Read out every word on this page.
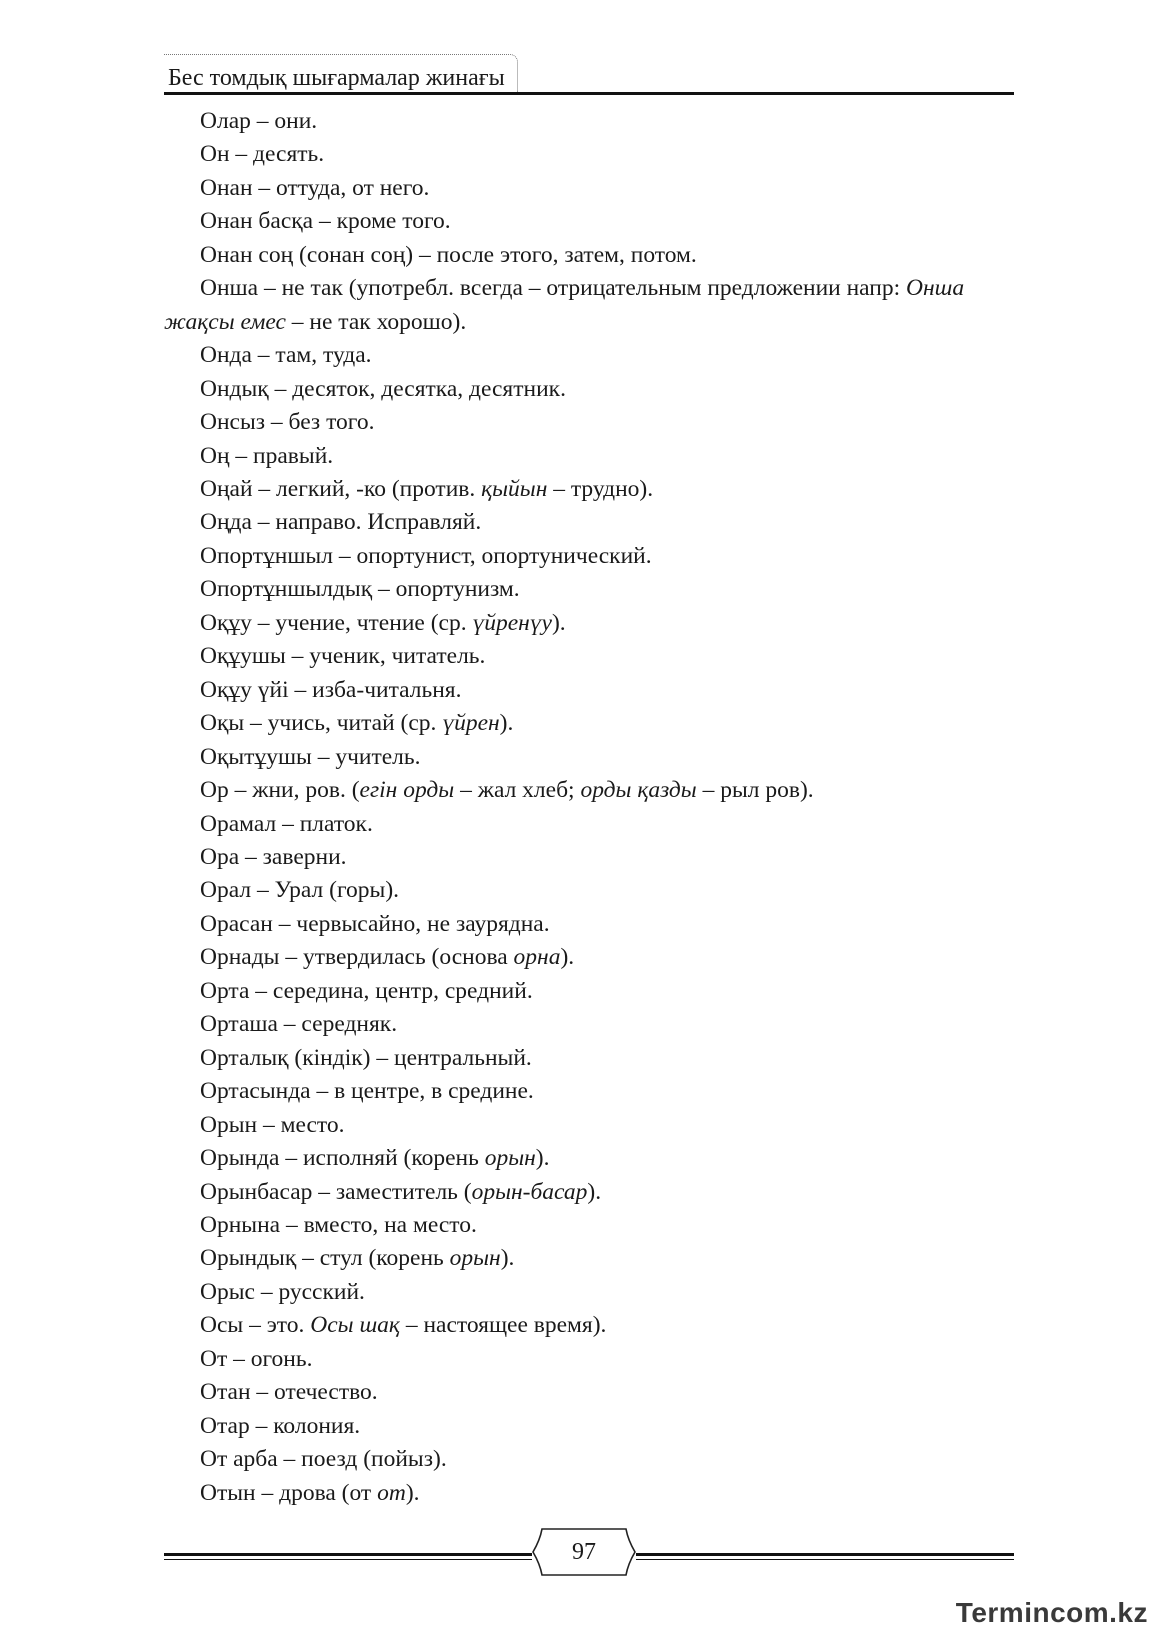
Бес томдық шығармалар жинағы

Олар – они.

Он – десять.

Онан – оттуда, от него.

Онан басқа – кроме того.

Онан соң (сонан соң) – после этого, затем, потом.

Онша – не так (употребл. всегда – отрицательным предложении напр: Онша жақсы емес – не так хорошо).

Онда – там, туда.

Ондық – десяток, десятка, десятник.

Онсыз – без того.

Оң – правый.

Оңай – легкий, -ко (против. қыйын – трудно).

Оңда – направо. Исправляй.

Опортұншыл – опортунист, опортунический.

Опортұншылдық – опортунизм.

Оқұу – учение, чтение (ср. үйренүу).

Оқұушы – ученик, читатель.

Оқұу үйі – изба-читальня.

Оқы – учись, читай (ср. үйрен).

Оқытұушы – учитель.

Ор – жни, ров. (егін орды – жал хлеб; орды қазды – рыл ров).

Орамал – платок.

Ора – заверни.

Орал – Урал (горы).

Орасан – червысайно, не заурядна.

Орнады – утвердилась (основа орна).

Орта – середина, центр, средний.

Орташа – середняк.

Орталық (кіндік) – центральный.

Ортасында – в центре, в средине.

Орын – место.

Орында – исполняй (корень орын).

Орынбасар – заместитель (орын-басар).

Орнына – вместо, на место.

Орындық – стул (корень орын).

Орыс – русский.

Осы – это. Осы шақ – настоящее время).

От – огонь.

Отан – отечество.

Отар – колония.

От арба – поезд (пойыз).

Отын – дрова (от от).

97
Termincom.kz
